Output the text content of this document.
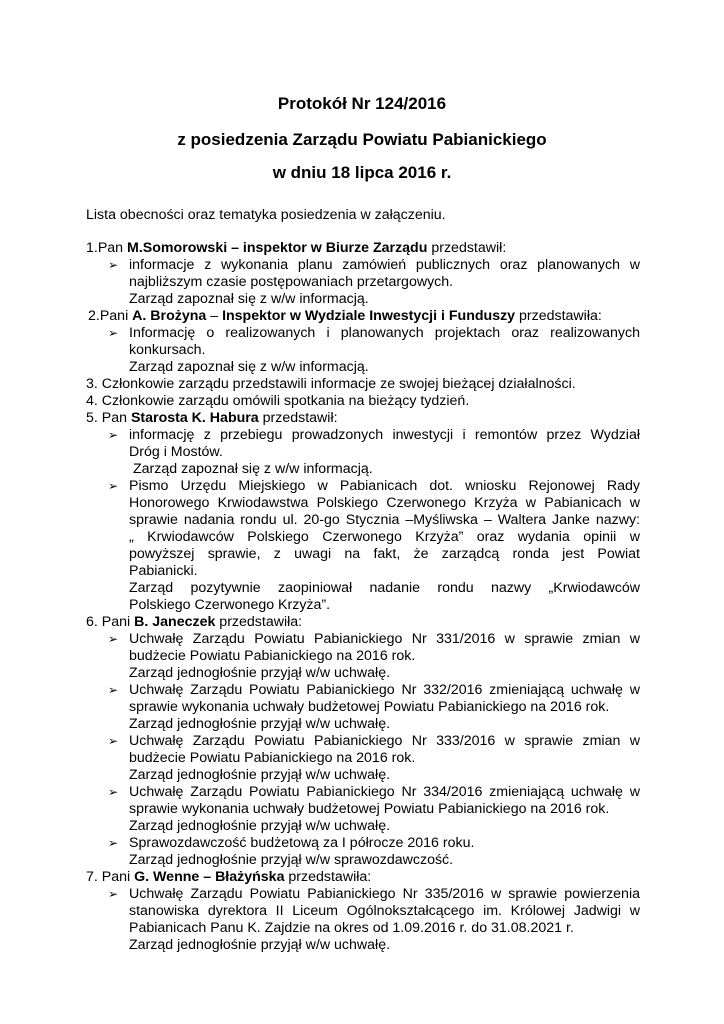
Protokół Nr 124/2016
z posiedzenia Zarządu Powiatu Pabianickiego
w dniu 18 lipca 2016 r.
Lista obecności oraz tematyka posiedzenia w załączeniu.
1.Pan M.Somorowski – inspektor w Biurze Zarządu przedstawił:
➢ informacje z wykonania planu zamówień publicznych oraz planowanych w
najbliższym czasie postępowaniach przetargowych.
Zarząd zapoznał się z w/w informacją.
2.Pani A. Brożyna – Inspektor w Wydziale Inwestycji i Funduszy przedstawiła:
➢ Informację o realizowanych i planowanych projektach oraz realizowanych
konkursach.
Zarząd zapoznał się z w/w informacją.
3. Członkowie zarządu przedstawili informacje ze swojej bieżącej działalności.
4. Członkowie zarządu omówili spotkania na bieżący tydzień.
5. Pan Starosta K. Habura przedstawił:
➢ informację z przebiegu prowadzonych inwestycji i remontów przez Wydział
Dróg i Mostów.
Zarząd zapoznał się z w/w informacją.
➢ Pismo Urzędu Miejskiego w Pabianicach dot. wniosku Rejonowej Rady
Honorowego Krwiodawstwa Polskiego Czerwonego Krzyża w Pabianicach w
sprawie nadania rondu ul. 20-go Stycznia –Myśliwska – Waltera Janke nazwy:
„ Krwiodawców Polskiego Czerwonego Krzyża” oraz wydania opinii w
powyższej sprawie, z uwagi na fakt, że zarządcą ronda jest Powiat
Pabianicki.
Zarząd pozytywnie zaopiniował nadanie rondu nazwy „Krwiodawców
Polskiego Czerwonego Krzyża”.
6. Pani B. Janeczek przedstawiła:
➢ Uchwałę Zarządu Powiatu Pabianickiego Nr 331/2016 w sprawie zmian w
budżecie Powiatu Pabianickiego na 2016 rok.
Zarząd jednogłośnie przyjął w/w uchwałę.
➢ Uchwałę Zarządu Powiatu Pabianickiego Nr 332/2016 zmieniającą uchwałę w
sprawie wykonania uchwały budżetowej Powiatu Pabianickiego na 2016 rok.
Zarząd jednogłośnie przyjął w/w uchwałę.
➢ Uchwałę Zarządu Powiatu Pabianickiego Nr 333/2016 w sprawie zmian w
budżecie Powiatu Pabianickiego na 2016 rok.
Zarząd jednogłośnie przyjął w/w uchwałę.
➢ Uchwałę Zarządu Powiatu Pabianickiego Nr 334/2016 zmieniającą uchwałę w
sprawie wykonania uchwały budżetowej Powiatu Pabianickiego na 2016 rok.
Zarząd jednogłośnie przyjął w/w uchwałę.
➢ Sprawozdawczość budżetową za I półrocze 2016 roku.
Zarząd jednogłośnie przyjął w/w sprawozdawczość.
7. Pani G. Wenne – Błażyńska przedstawiła:
➢ Uchwałę Zarządu Powiatu Pabianickiego Nr 335/2016 w sprawie powierzenia
stanowiska dyrektora II Liceum Ogólnokształcącego im. Królowej Jadwigi w
Pabianicach Panu K. Zajdzie na okres od 1.09.2016 r. do 31.08.2021 r.
Zarząd jednogłośnie przyjął w/w uchwałę.
